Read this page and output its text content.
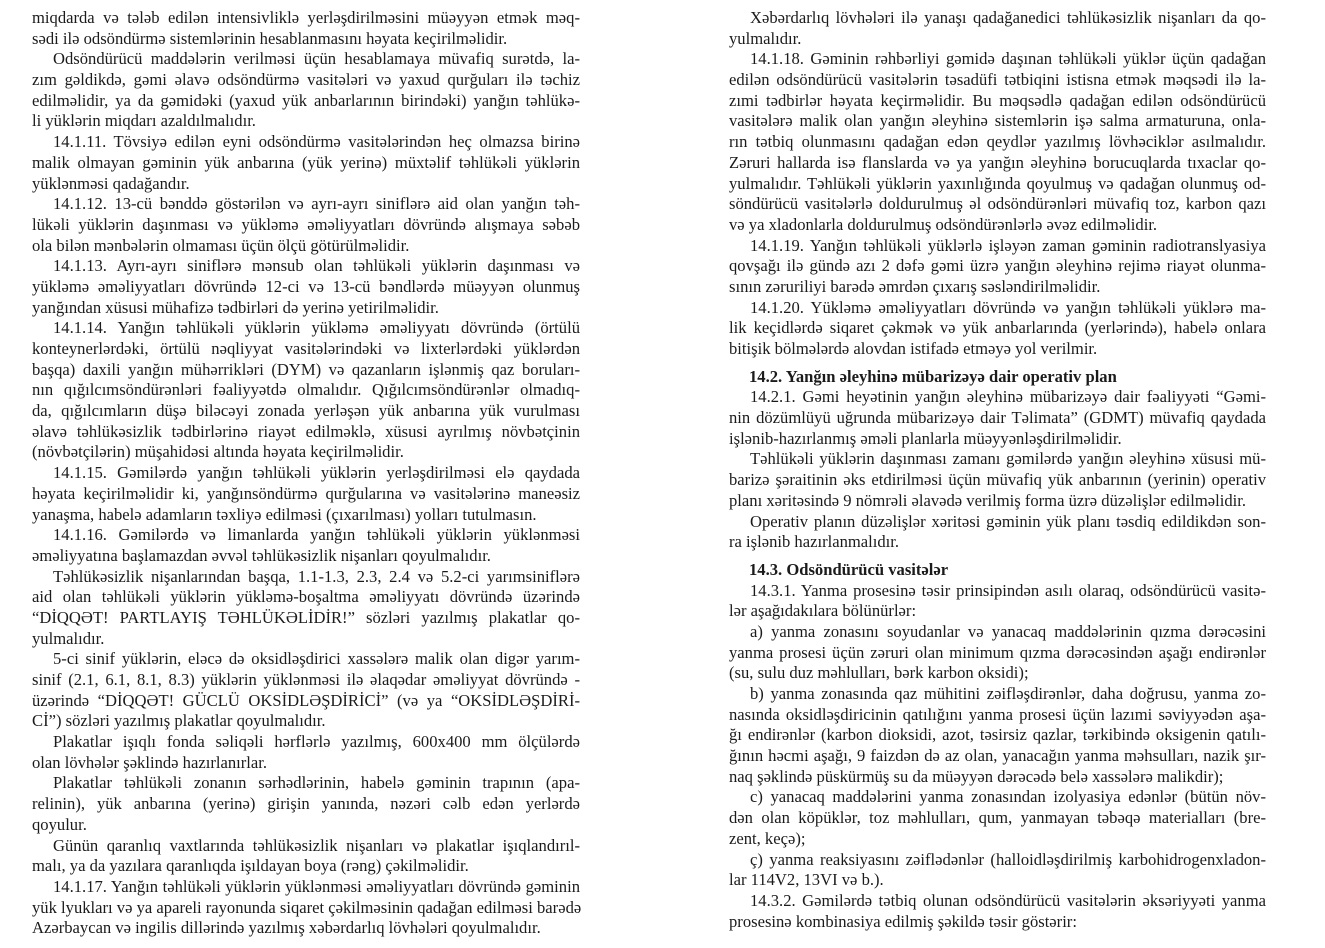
miqdarda və tələb edilən intensivliklə yerləşdirilməsini müəyyən etmək məq-
sədi ilə odsöndürmə sistemlərinin hesablanmasını həyata keçirilməlidir.
Odsöndürücü maddələrin verilməsi üçün hesablamaya müvafiq surətdə, la-
zım gəldikdə, gəmi əlavə odsöndürmə vasitələri və yaxud qurğuları ilə təchiz
edilməlidir, ya da gəmidəki (yaxud yük anbarlarının birindəki) yanğın təhlükə-
li yüklərin miqdarı azaldılmalıdır.
14.1.11. Tövsiyə edilən eyni odsöndürmə vasitələrindən heç olmazsa birinə
malik olmayan gəminin yük anbarına (yük yerinə) müxtəlif təhlükəli yüklərin
yüklənməsi qadağandır.
14.1.12. 13-cü bənddə göstərilən və ayrı-ayrı siniflərə aid olan yanğın təh-
lükəli yüklərin daşınması və yükləmə əməliyyatları dövründə alışmaya səbəb
ola bilən mənbələrin olmaması üçün ölçü götürülməlidir.
14.1.13. Ayrı-ayrı siniflərə mənsub olan təhlükəli yüklərin daşınması və
yükləmə əməliyyatları dövründə 12-ci və 13-cü bəndlərdə müəyyən olunmuş
yanğından xüsusi mühafizə tədbirləri də yerinə yetirilməlidir.
14.1.14. Yanğın təhlükəli yüklərin yükləmə əməliyyatı dövründə (örtülü
konteynerlərdəki, örtülü nəqliyyat vasitələrindəki və lixterlərdəki yüklərdən
başqa) daxili yanğın mühərrikləri (DYM) və qazanların işlənmiş qaz boruları-
nın qığılcımsöndürənləri fəaliyyətdə olmalıdır. Qığılcımsöndürənlər olmadıq-
da, qığılcımların düşə biləcəyi zonada yerləşən yük anbarına yük vurulması
əlavə təhlükəsizlik tədbirlərinə riayət edilməklə, xüsusi ayrılmış növbətçinin
(növbətçilərin) müşahidəsi altında həyata keçirilməlidir.
14.1.15. Gəmilərdə yanğın təhlükəli yüklərin yerləşdirilməsi elə qaydada
həyata keçirilməlidir ki, yanğınsöndürmə qurğularına və vasitələrinə maneəsiz
yanaşma, habelə adamların təxliyə edilməsi (çıxarılması) yolları tutulmasın.
14.1.16. Gəmilərdə və limanlarda yanğın təhlükəli yüklərin yüklənməsi
əməliyyatına başlamazdan əvvəl təhlükəsizlik nişanları qoyulmalıdır.
Təhlükəsizlik nişanlarından başqa, 1.1-1.3, 2.3, 2.4 və 5.2-ci yarımsiniflərə
aid olan təhlükəli yüklərin yükləmə-boşaltma əməliyyatı dövründə üzərində
“DİQQƏT! PARTLAYIŞ TƏHLÜKƏLİDİR!” sözləri yazılmış plakatlar qo-
yulmalıdır.
5-ci sinif yüklərin, eləcə də oksidləşdirici xassələrə malik olan digər yarım-
sinif (2.1, 6.1, 8.1, 8.3) yüklərin yüklənməsi ilə əlaqədar əməliyyat dövründə -
üzərində “DİQQƏT! GÜCLÜ OKSİDLƏŞDİRİCİ” (və ya “OKSİDLƏŞDİRİ-
Cİ”) sözləri yazılmış plakatlar qoyulmalıdır.
Plakatlar işıqlı fonda səliqəli hərflərlə yazılmış, 600x400 mm ölçülərdə
olan lövhələr şəklində hazırlanırlar.
Plakatlar təhlükəli zonanın sərhədlərinin, habelə gəminin trapının (apa-
relinin), yük anbarına (yerinə) girişin yanında, nəzəri cəlb edən yerlərdə
qoyulur.
Günün qaranlıq vaxtlarında təhlükəsizlik nişanları və plakatlar işıqlandırıl-
malı, ya da yazılara qaranlıqda işıldayan boya (rəng) çəkilməlidir.
14.1.17. Yanğın təhlükəli yüklərin yüklənməsi əməliyyatları dövründə gəminin
yük lyukları və ya apareli rayonunda siqaret çəkilməsinin qadağan edilməsi barədə
Azərbaycan və ingilis dillərində yazılmış xəbərdarlıq lövhələri qoyulmalıdır.
Xəbərdarlıq lövhələri ilə yanaşı qadağanedici təhlükəsizlik nişanları da qo-
yulmalıdır.
14.1.18. Gəminin rəhbərliyi gəmidə daşınan təhlükəli yüklər üçün qadağan
edilən odsöndürücü vasitələrin təsadüfi tətbiqini istisna etmək məqsədi ilə la-
zımi tədbirlər həyata keçirməlidir. Bu məqsədlə qadağan edilən odsöndürücü
vasitələrə malik olan yanğın əleyhinə sistemlərin işə salma armaturuna, onla-
rın tətbiq olunmasını qadağan edən qeydlər yazılmış lövhəciklər asılmalıdır.
Zəruri hallarda isə flanslarda və ya yanğın əleyhinə borucuqlarda tıxaclar qo-
yulmalıdır. Təhlükəli yüklərin yaxınlığında qoyulmuş və qadağan olunmuş od-
söndürücü vasitələrlə doldurulmuş əl odsöndürənləri müvafiq toz, karbon qazı
və ya xladonlarla doldurulmuş odsöndürənlərlə əvəz edilməlidir.
14.1.19. Yanğın təhlükəli yüklərlə işləyən zaman gəminin radiotranslyasiya
qovşağı ilə gündə azı 2 dəfə gəmi üzrə yanğın əleyhinə rejimə riayət olunma-
sının zəruriliyi barədə əmrdən çıxarış səsləndirilməlidir.
14.1.20. Yükləmə əməliyyatları dövründə və yanğın təhlükəli yüklərə ma-
lik keçidlərdə siqaret çəkmək və yük anbarlarında (yerlərində), habelə onlara
bitişik bölmələrdə alovdan istifadə etməyə yol verilmir.
14.2. Yanğın əleyhinə mübarizəyə dair operativ plan
14.2.1. Gəmi heyətinin yanğın əleyhinə mübarizəyə dair fəaliyyəti “Gəmi-
nin dözümlüyü uğrunda mübarizəyə dair Təlimata” (GDMT) müvafiq qaydada
işlənib-hazırlanmış əməli planlarla müəyyənləşdirilməlidir.
Təhlükəli yüklərin daşınması zamanı gəmilərdə yanğın əleyhinə xüsusi mü-
barizə şəraitinin əks etdirilməsi üçün müvafiq yük anbarının (yerinin) operativ
planı xəritəsində 9 nömrəli əlavədə verilmiş forma üzrə düzəlişlər edilməlidir.
Operativ planın düzəlişlər xəritəsi gəminin yük planı təsdiq edildikdən son-
ra işlənib hazırlanmalıdır.
14.3. Odsöndürücü vasitələr
14.3.1. Yanma prosesinə təsir prinsipindən asılı olaraq, odsöndürücü vasitə-
lər aşağıdakılara bölünürlər:
a) yanma zonasını soyudanlar və yanacaq maddələrinin qızma dərəcəsini
yanma prosesi üçün zəruri olan minimum qızma dərəcəsindən aşağı endirənlər
(su, sulu duz məhlulları, bərk karbon oksidi);
b) yanma zonasında qaz mühitini zəifləşdirənlər, daha doğrusu, yanma zo-
nasında oksidləşdiricinin qatılığını yanma prosesi üçün lazımi səviyyədən aşa-
ğı endirənlər (karbon dioksidi, azot, təsirsiz qazlar, tərkibində oksigenin qatılı-
ğının həcmi aşağı, 9 faizdən də az olan, yanacağın yanma məhsulları, nazik şır-
naq şəklində püskürmüş su da müəyyən dərəcədə belə xassələrə malikdir);
c) yanacaq maddələrini yanma zonasından izolyasiya edənlər (bütün növ-
dən olan köpüklər, toz məhlulları, qum, yanmayan təbəqə materialları (bre-
zent, keçə);
ç) yanma reaksiyasını zəiflədənlər (halloidləşdirilmiş karbohidrogenxladon-
lar 114V2, 13VI və b.).
14.3.2. Gəmilərdə tətbiq olunan odsöndürücü vasitələrin əksəriyyəti yanma
prosesinə kombinasiya edilmiş şəkildə təsir göstərir:
